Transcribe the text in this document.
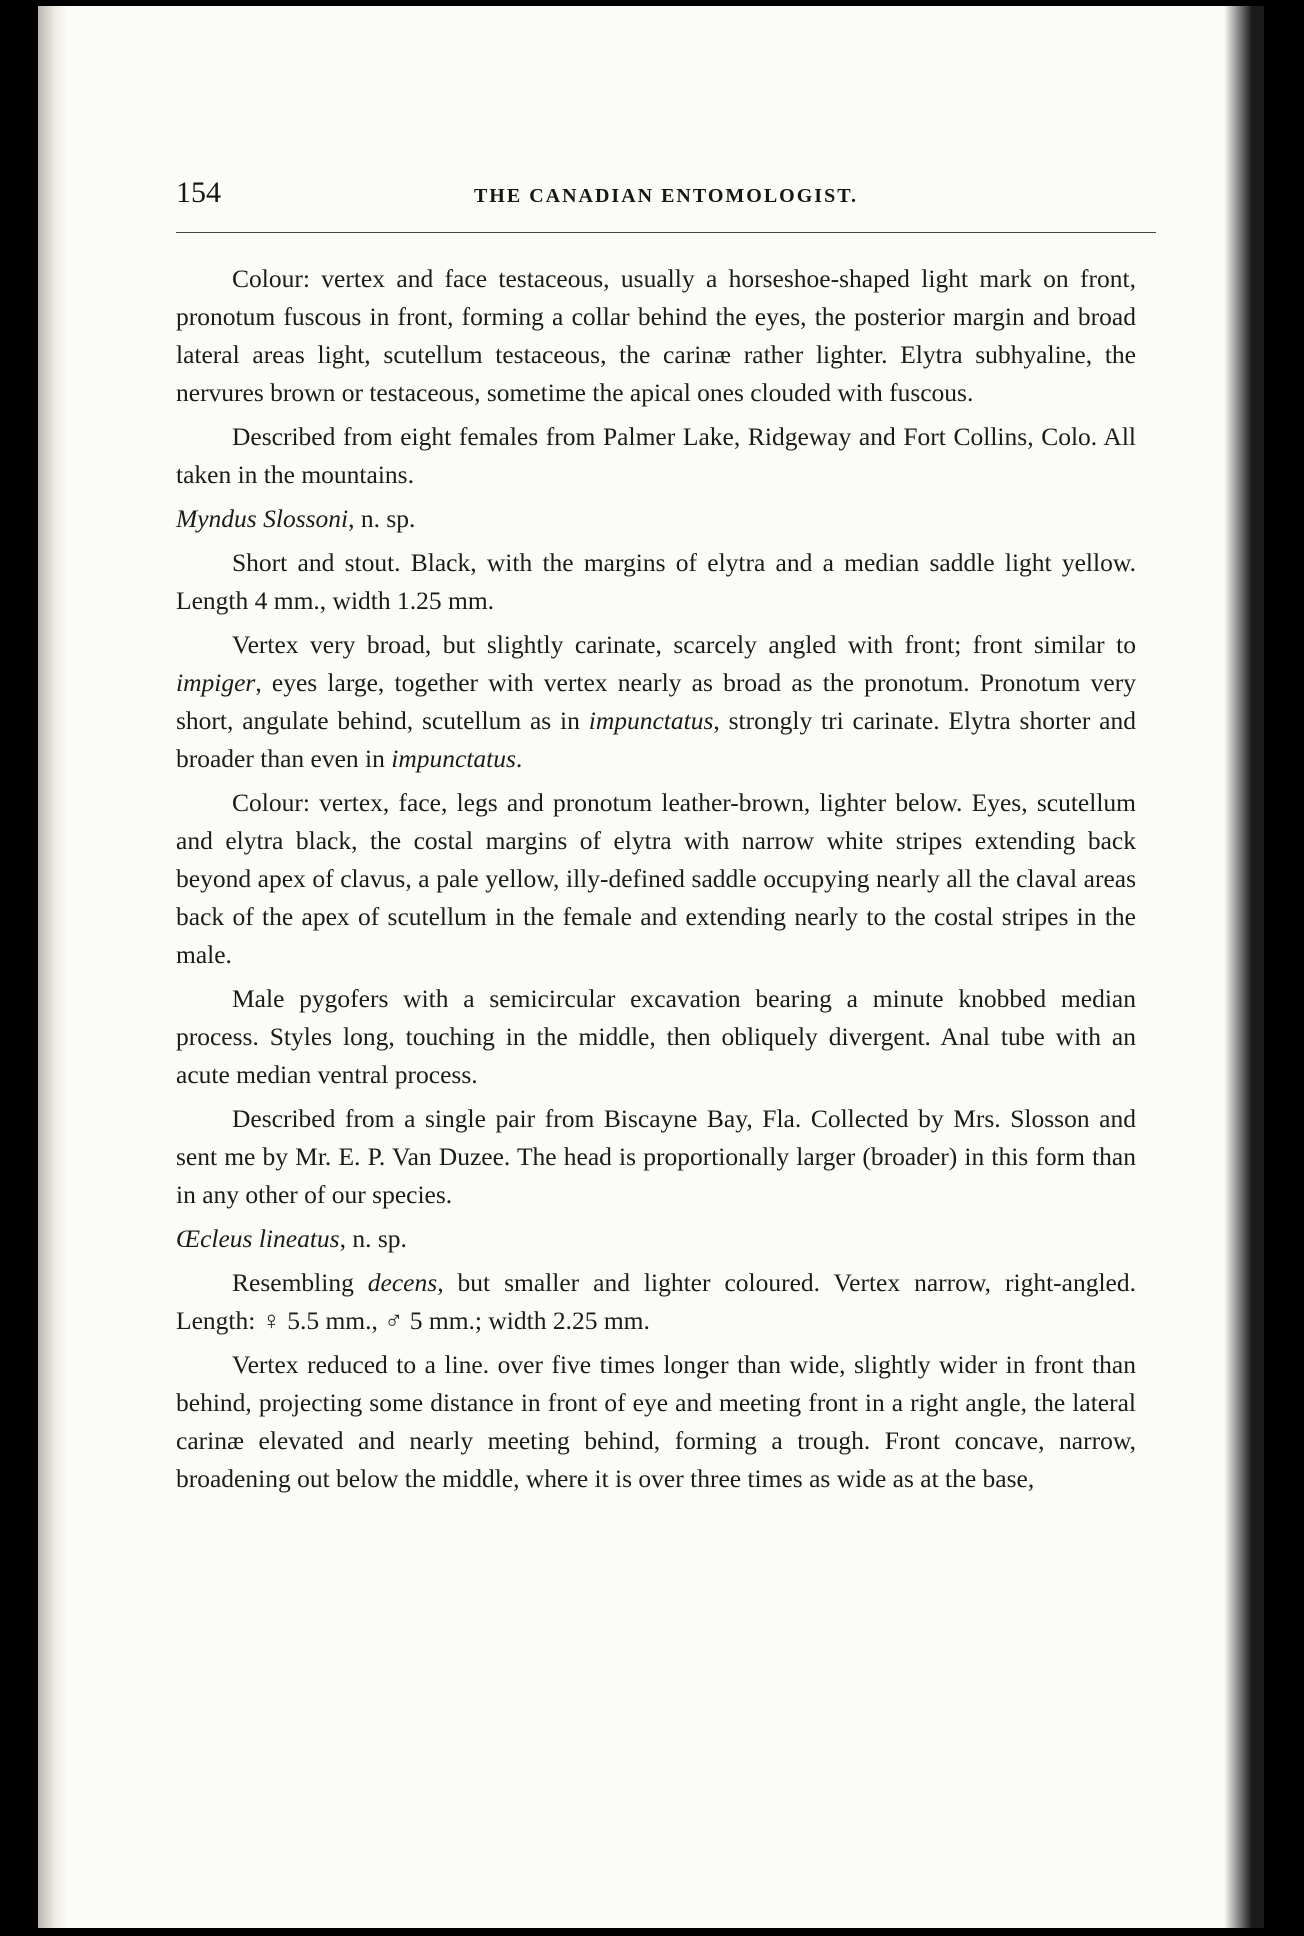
154	THE CANADIAN ENTOMOLOGIST.

Colour: vertex and face testaceous, usually a horseshoe-shaped light mark on front, pronotum fuscous in front, forming a collar behind the eyes, the posterior margin and broad lateral areas light, scutellum testaceous, the carinæ rather lighter. Elytra subhyaline, the nervures brown or testaceous, sometime the apical ones clouded with fuscous.

Described from eight females from Palmer Lake, Ridgeway and Fort Collins, Colo. All taken in the mountains.

Myndus Slossoni, n. sp.

Short and stout. Black, with the margins of elytra and a median saddle light yellow. Length 4 mm., width 1.25 mm.

Vertex very broad, but slightly carinate, scarcely angled with front; front similar to impiger, eyes large, together with vertex nearly as broad as the pronotum. Pronotum very short, angulate behind, scutellum as in impunctatus, strongly tri carinate. Elytra shorter and broader than even in impunctatus.

Colour: vertex, face, legs and pronotum leather-brown, lighter below. Eyes, scutellum and elytra black, the costal margins of elytra with narrow white stripes extending back beyond apex of clavus, a pale yellow, illy-defined saddle occupying nearly all the claval areas back of the apex of scutellum in the female and extending nearly to the costal stripes in the male.

Male pygofers with a semicircular excavation bearing a minute knobbed median process. Styles long, touching in the middle, then obliquely divergent. Anal tube with an acute median ventral process.

Described from a single pair from Biscayne Bay, Fla. Collected by Mrs. Slosson and sent me by Mr. E. P. Van Duzee. The head is proportionally larger (broader) in this form than in any other of our species.

Œcleus lineatus, n. sp.

Resembling decens, but smaller and lighter coloured. Vertex narrow, right-angled. Length: ♀ 5.5 mm., ♂ 5 mm.; width 2.25 mm.

Vertex reduced to a line. over five times longer than wide, slightly wider in front than behind, projecting some distance in front of eye and meeting front in a right angle, the lateral carinæ elevated and nearly meeting behind, forming a trough. Front concave, narrow, broadening out below the middle, where it is over three times as wide as at the base,
